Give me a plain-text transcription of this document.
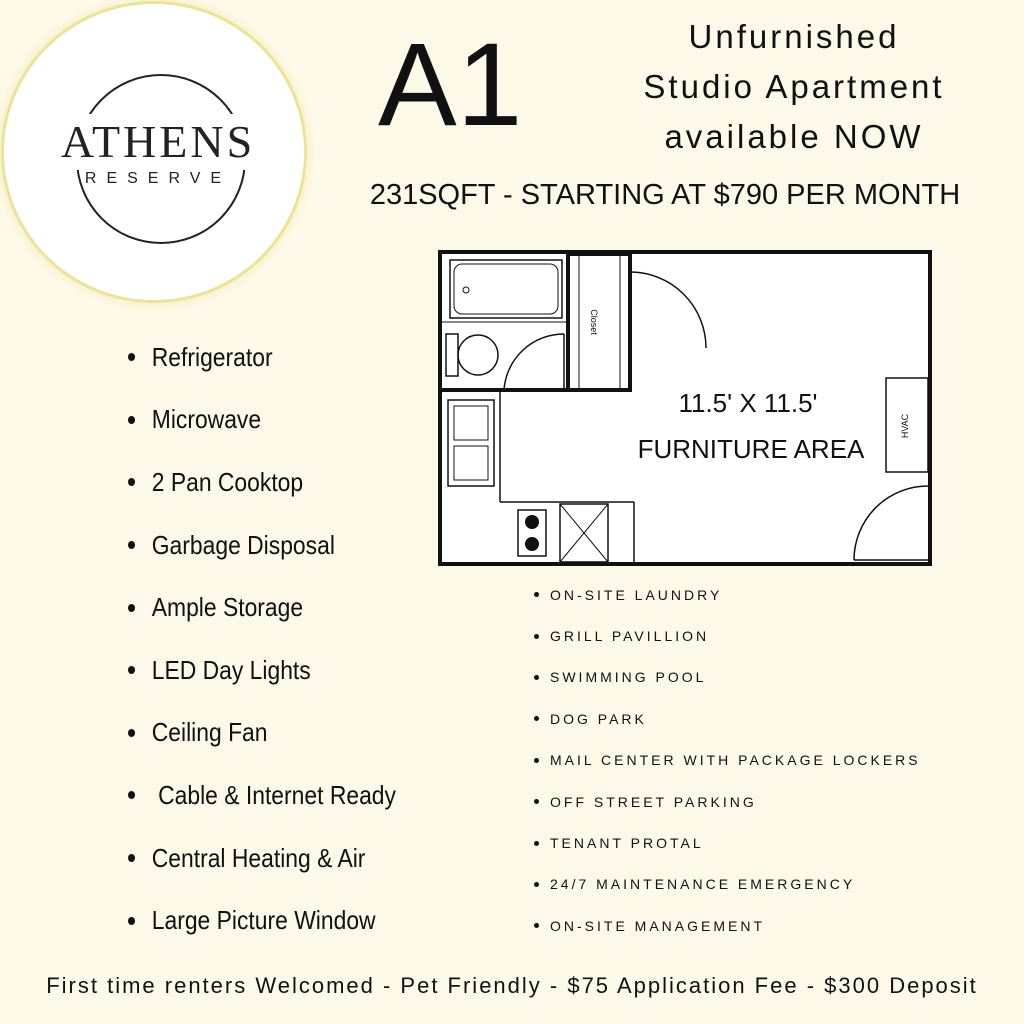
ATHENS
RESERVE
A1	Unfurnished
Studio Apartment
available NOW
231SQFT - STARTING AT $790 PER MONTH
Closet
HVAC
11.5' X 11.5'
FURNITURE AREA
Refrigerator
Microwave
2 Pan Cooktop
Garbage Disposal
Ample Storage
LED Day Lights
Ceiling Fan
Cable & Internet Ready
Central Heating & Air
Large Picture Window
ON-SITE LAUNDRY
GRILL PAVILLION
SWIMMING POOL
DOG PARK
MAIL CENTER WITH PACKAGE LOCKERS
OFF STREET PARKING
TENANT PROTAL
24/7 MAINTENANCE EMERGENCY
ON-SITE MANAGEMENT
First time renters Welcomed - Pet Friendly - $75 Application Fee - $300 Deposit
